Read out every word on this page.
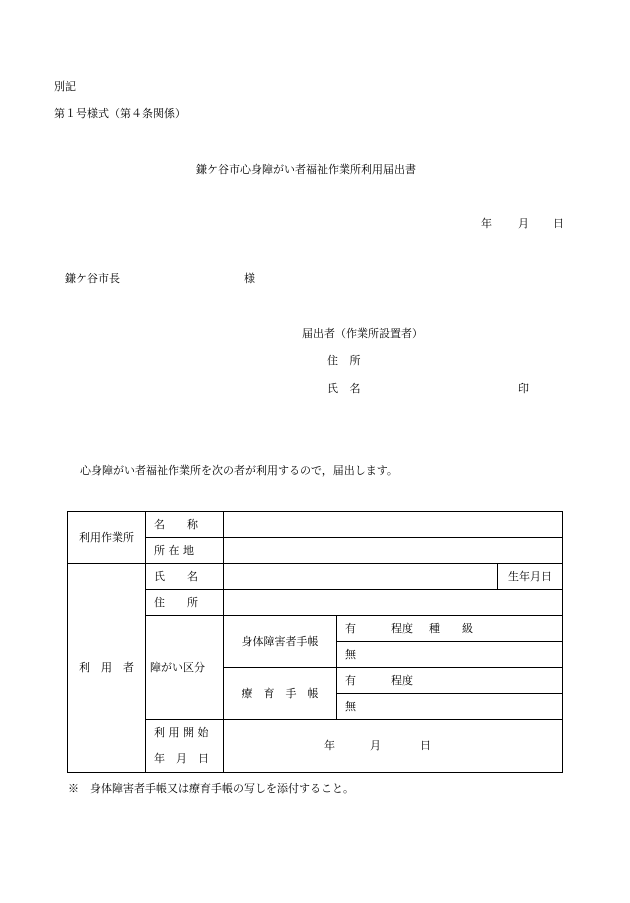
別記
第１号様式（第４条関係）
鎌ケ谷市心身障がい者福祉作業所利用届出書
年 月 日
鎌ケ谷市長	様
届出者（作業所設置者）
住 所
氏 名	印
心身障がい者福祉作業所を次の者が利用するので，届出します。
利用作業所	名　　称			
	所 在 地			
利　用　者	氏　　名			生年月日
	住　　所			
	障がい区分	身体障害者手帳	有 程度 種　　級	
			無	
		療　育　手　帳	有 程度	
			無	

	利 用 開 始
年　月　日	年 月 日		
※　身体障害者手帳又は療育手帳の写しを添付すること。
